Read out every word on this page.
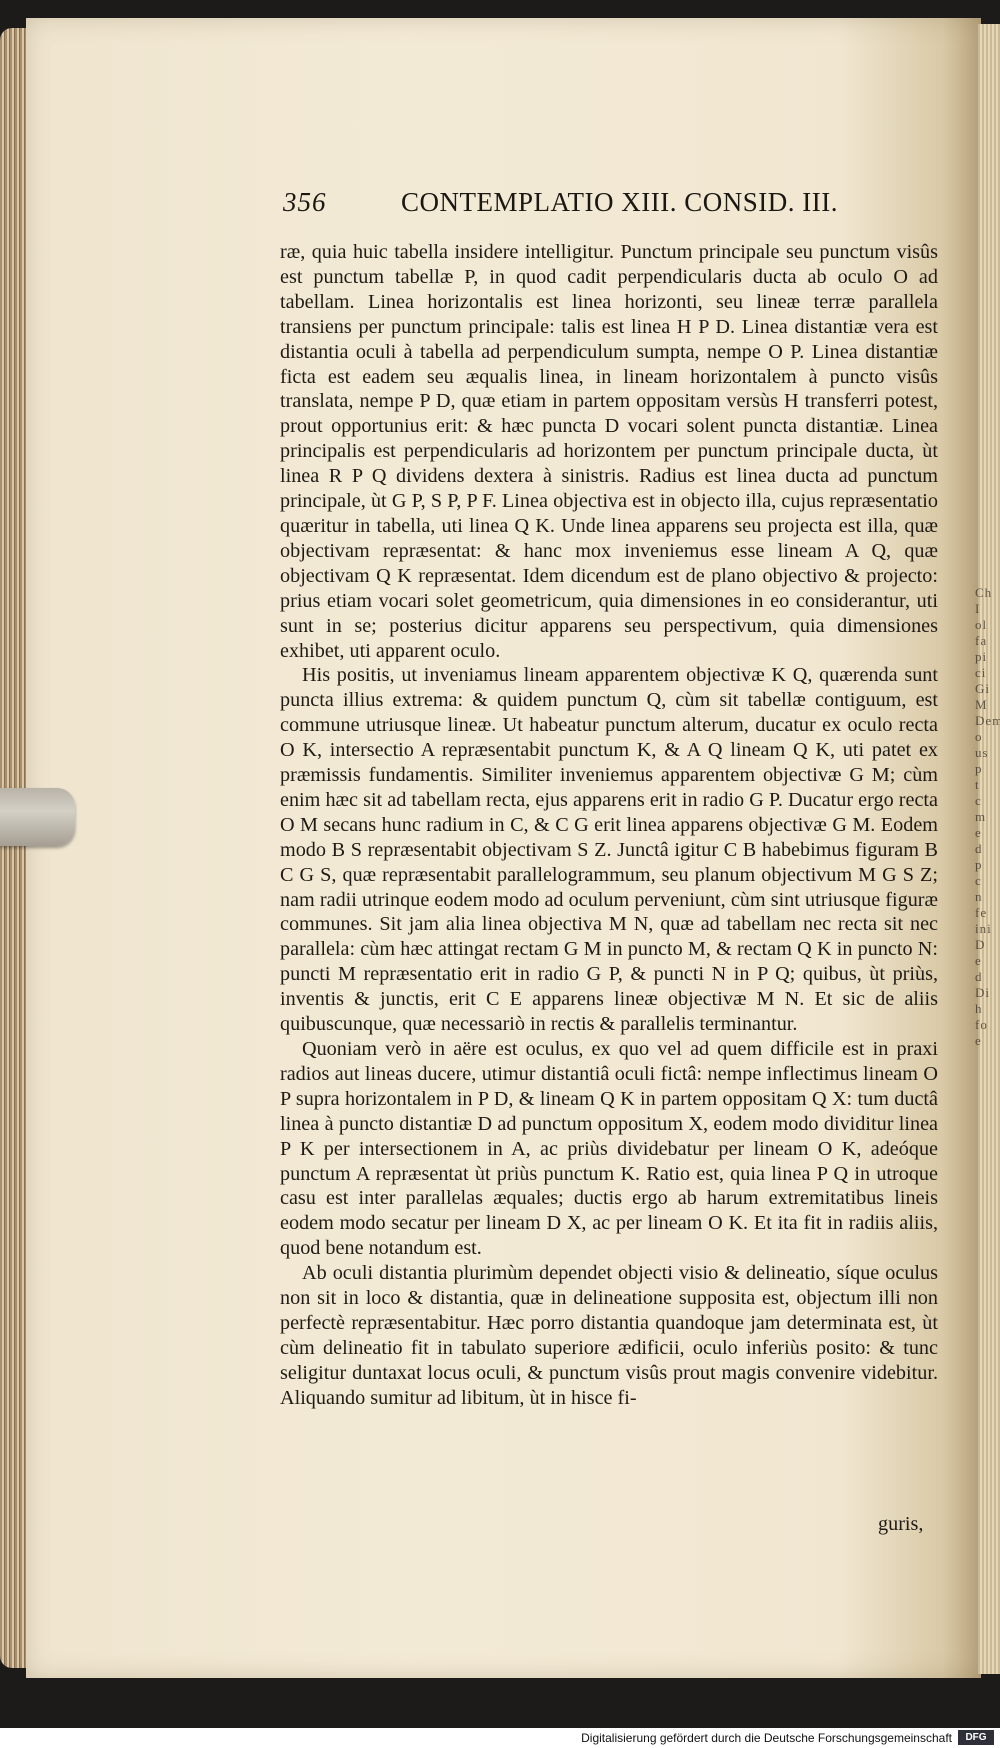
Ch
I
ol
fa
pi
ci
Gi
M
Dem
o
us
p
t
c
m
e
d
p
c
n
fe
ini
D
e
d
Di
h
fo
e
356	CONTEMPLATIO XIII. CONSID. III.

ræ, quia huic tabella insidere intelligitur. Punctum principale seu punctum visûs est punctum tabellæ P, in quod cadit perpendicularis ducta ab oculo O ad tabellam. Linea horizontalis est linea horizonti, seu lineæ terræ parallela transiens per punctum principale: talis est linea H P D. Linea distantiæ vera est distantia oculi à tabella ad perpendiculum sumpta, nempe O P. Linea distantiæ ficta est eadem seu æqualis linea, in lineam horizontalem à puncto visûs translata, nempe P D, quæ etiam in partem oppositam versùs H transferri potest, prout opportunius erit: & hæc puncta D vocari solent puncta distantiæ. Linea principalis est perpendicularis ad horizontem per punctum principale ducta, ùt linea R P Q dividens dextera à sinistris. Radius est linea ducta ad punctum principale, ùt G P, S P, P F. Linea objectiva est in objecto illa, cujus repræsentatio quæritur in tabella, uti linea Q K. Unde linea apparens seu projecta est illa, quæ objectivam repræsentat: & hanc mox inveniemus esse lineam A Q, quæ objectivam Q K repræsentat. Idem dicendum est de plano objectivo & projecto: prius etiam vocari solet geometricum, quia dimensiones in eo considerantur, uti sunt in se; posterius dicitur apparens seu perspectivum, quia dimensiones exhibet, uti apparent oculo.

His positis, ut inveniamus lineam apparentem objectivæ K Q, quærenda sunt puncta illius extrema: & quidem punctum Q, cùm sit tabellæ contiguum, est commune utriusque lineæ. Ut habeatur punctum alterum, ducatur ex oculo recta O K, intersectio A repræsentabit punctum K, & A Q lineam Q K, uti patet ex præmissis fundamentis. Similiter inveniemus apparentem objectivæ G M; cùm enim hæc sit ad tabellam recta, ejus apparens erit in radio G P. Ducatur ergo recta O M secans hunc radium in C, & C G erit linea apparens objectivæ G M. Eodem modo B S repræsentabit objectivam S Z. Junctâ igitur C B habebimus figuram B C G S, quæ repræsentabit parallelogrammum, seu planum objectivum M G S Z; nam radii utrinque eodem modo ad oculum perveniunt, cùm sint utriusque figuræ communes. Sit jam alia linea objectiva M N, quæ ad tabellam nec recta sit nec parallela: cùm hæc attingat rectam G M in puncto M, & rectam Q K in puncto N: puncti M repræsentatio erit in radio G P, & puncti N in P Q; quibus, ùt priùs, inventis & junctis, erit C E apparens lineæ objectivæ M N. Et sic de aliis quibuscunque, quæ necessariò in rectis & parallelis terminantur.

Quoniam verò in aëre est oculus, ex quo vel ad quem difficile est in praxi radios aut lineas ducere, utimur distantiâ oculi fictâ: nempe inflectimus lineam O P supra horizontalem in P D, & lineam Q K in partem oppositam Q X: tum ductâ linea à puncto distantiæ D ad punctum oppositum X, eodem modo dividitur linea P K per intersectionem in A, ac priùs dividebatur per lineam O K, adeóque punctum A repræsentat ùt priùs punctum K. Ratio est, quia linea P Q in utroque casu est inter parallelas æquales; ductis ergo ab harum extremitatibus lineis eodem modo secatur per lineam D X, ac per lineam O K. Et ita fit in radiis aliis, quod bene notandum est.

Ab oculi distantia plurimùm dependet objecti visio & delineatio, síque oculus non sit in loco & distantia, quæ in delineatione supposita est, objectum illi non perfectè repræsentabitur. Hæc porro distantia quandoque jam determinata est, ùt cùm delineatio fit in tabulato superiore ædificii, oculo inferiùs posito: & tunc seligitur duntaxat locus oculi, & punctum visûs prout magis convenire videbitur. Aliquando sumitur ad libitum, ùt in hisce fi-

guris,
Digitalisierung gefördert durch die Deutsche Forschungsgemeinschaft	DFG
